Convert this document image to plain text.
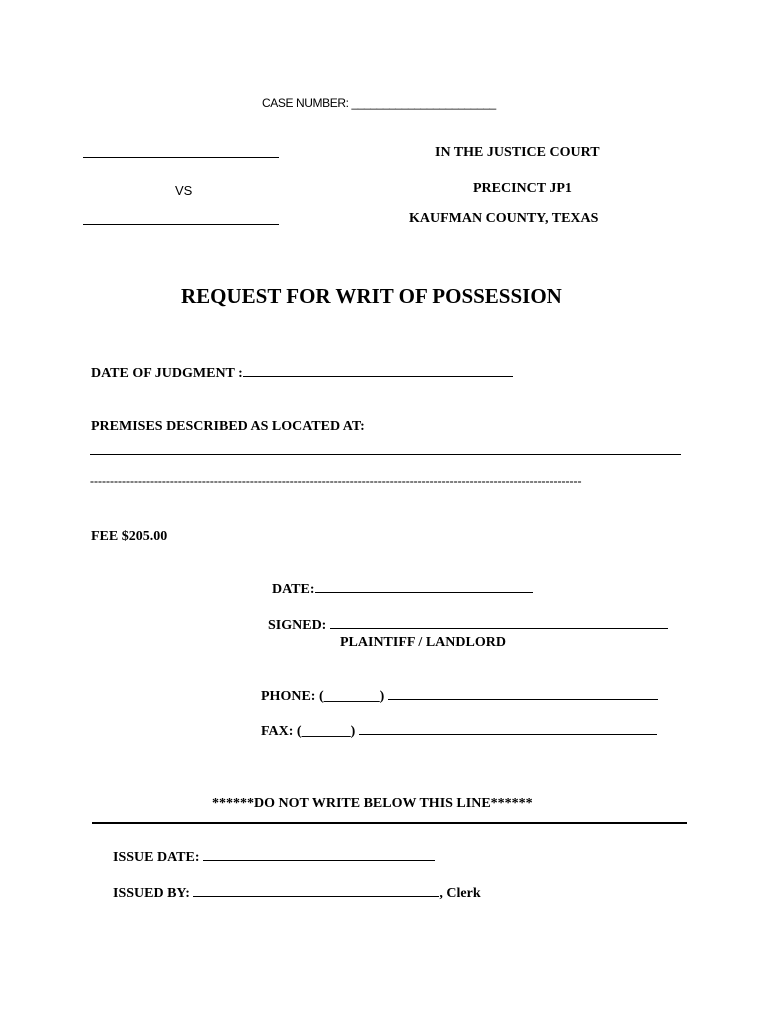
CASE NUMBER: _______________________
VS
IN THE JUSTICE COURT
PRECINCT JP1
KAUFMAN COUNTY, TEXAS
REQUEST FOR WRIT OF POSSESSION
DATE OF JUDGMENT :
PREMISES DESCRIBED AS LOCATED AT:
---------------------------------------------------------------------------------------------------------------------------
FEE $205.00
DATE:
SIGNED:
PLAINTIFF / LANDLORD
PHONE: (________)
FAX: (_______)
******DO NOT WRITE BELOW THIS LINE******
ISSUE DATE:
ISSUED BY:	, Clerk
